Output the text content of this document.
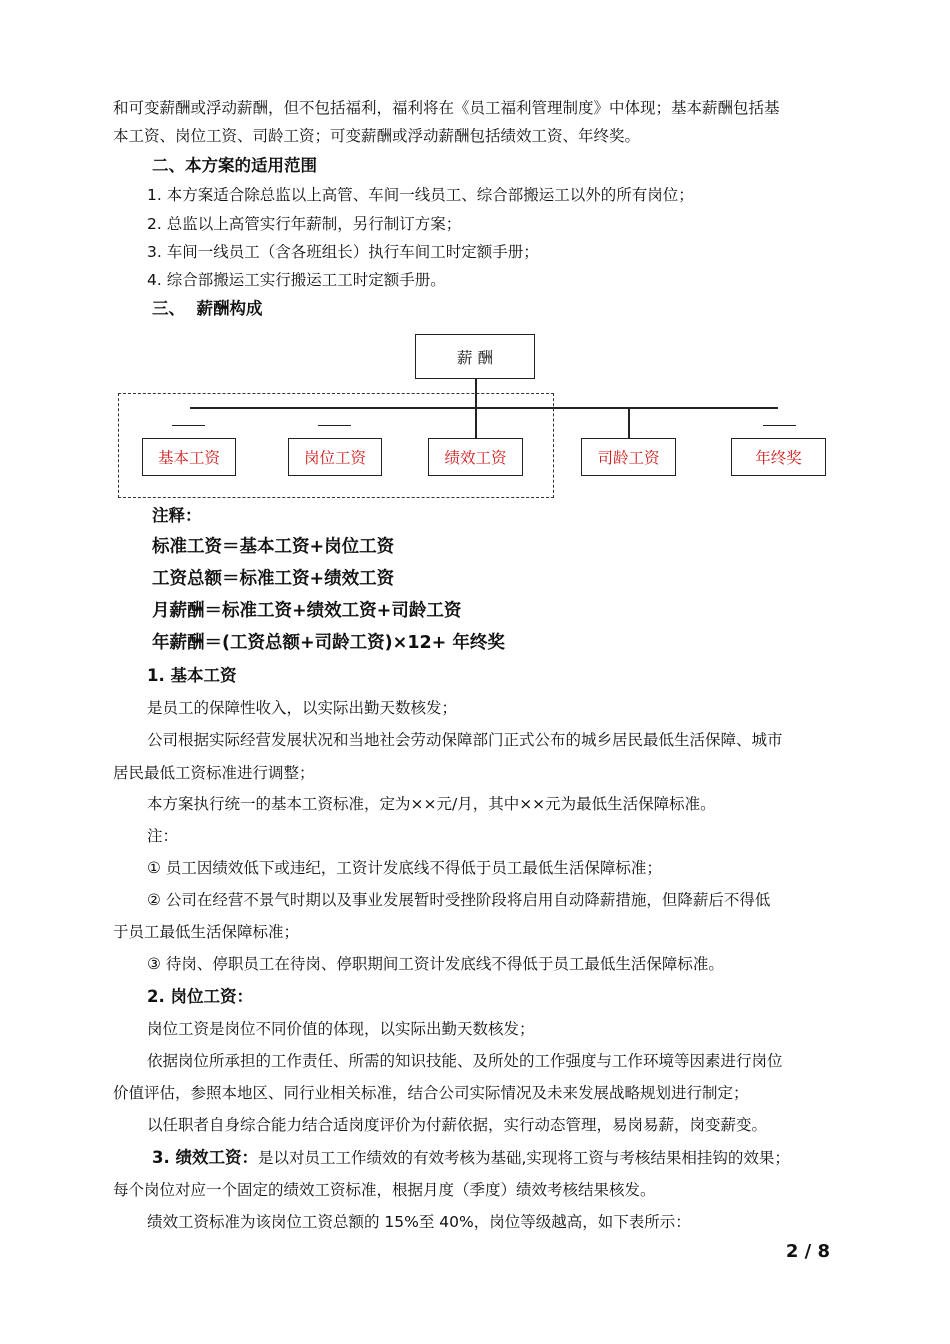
和可变薪酬或浮动薪酬，但不包括福利，福利将在《员工福利管理制度》中体现；基本薪酬包括基
本工资、岗位工资、司龄工资；可变薪酬或浮动薪酬包括绩效工资、年终奖。
二、本方案的适用范围
1. 本方案适合除总监以上高管、车间一线员工、综合部搬运工以外的所有岗位；
2. 总监以上高管实行年薪制，另行制订方案；
3. 车间一线员工（含各班组长）执行车间工时定额手册；
4. 综合部搬运工实行搬运工工时定额手册。
三、  薪酬构成
薪 酬
基本工资	岗位工资	绩效工资	司龄工资	年终奖
注释：
标准工资＝基本工资+岗位工资
工资总额＝标准工资+绩效工资
月薪酬＝标准工资+绩效工资+司龄工资
年薪酬＝(工资总额+司龄工资)×12+ 年终奖
1. 基本工资
是员工的保障性收入，以实际出勤天数核发；
公司根据实际经营发展状况和当地社会劳动保障部门正式公布的城乡居民最低生活保障、城市
居民最低工资标准进行调整；
本方案执行统一的基本工资标准，定为××元/月，其中××元为最低生活保障标准。
注：
① 员工因绩效低下或违纪，工资计发底线不得低于员工最低生活保障标准；
② 公司在经营不景气时期以及事业发展暂时受挫阶段将启用自动降薪措施，但降薪后不得低
于员工最低生活保障标准；
③ 待岗、停职员工在待岗、停职期间工资计发底线不得低于员工最低生活保障标准。
2. 岗位工资：
岗位工资是岗位不同价值的体现，以实际出勤天数核发；
依据岗位所承担的工作责任、所需的知识技能、及所处的工作强度与工作环境等因素进行岗位
价值评估，参照本地区、同行业相关标准，结合公司实际情况及未来发展战略规划进行制定；
以任职者自身综合能力结合适岗度评价为付薪依据，实行动态管理，易岗易薪，岗变薪变。
3. 绩效工资：是以对员工工作绩效的有效考核为基础,实现将工资与考核结果相挂钩的效果；
每个岗位对应一个固定的绩效工资标准，根据月度（季度）绩效考核结果核发。
绩效工资标准为该岗位工资总额的 15%至 40%，岗位等级越高，如下表所示：
2 / 8
